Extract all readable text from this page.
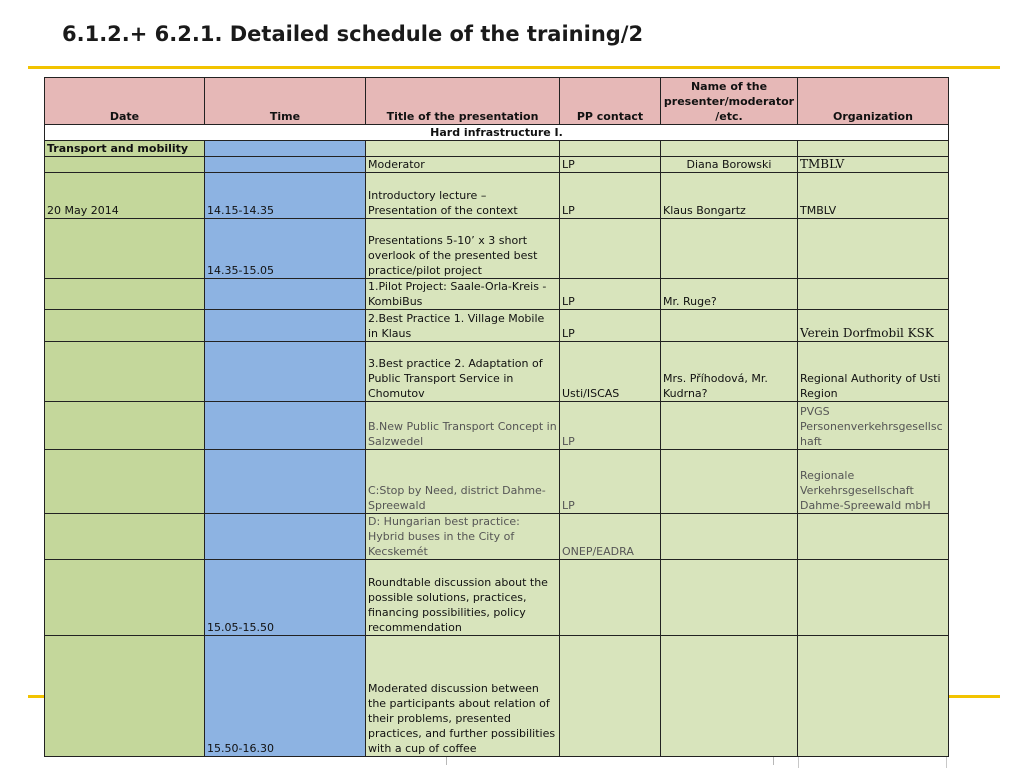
6.1.2.+ 6.2.1. Detailed schedule of the training/2
Date	Time	Title of the presentation	PP contact	Name of the presenter/moderator/etc.	Organization
Hard infrastructure I.					
Transport and mobility					
		Moderator	LP	Diana Borowski	TMBLV
20 May 2014	14.15-14.35	Introductory lecture – Presentation of the context	LP	Klaus Bongartz	TMBLV
	14.35-15.05	Presentations 5-10’ x 3 short overlook of the presented best practice/pilot project			
		1.Pilot Project: Saale-Orla-Kreis - KombiBus	LP	Mr. Ruge?	
		2.Best Practice 1. Village Mobile in Klaus	LP		Verein Dorfmobil KSK
		3.Best practice 2. Adaptation of Public Transport Service in Chomutov	Usti/ISCAS	Mrs. Příhodová, Mr. Kudrna?	Regional Authority of Usti Region
		B.New Public Transport Concept in Salzwedel	LP		PVGS Personenverkehrsgesellschaft
		C:Stop by Need, district Dahme-Spreewald	LP		Regionale Verkehrsgesellschaft Dahme-Spreewald mbH
		D: Hungarian best practice: Hybrid buses in the City of Kecskemét	ONEP/EADRA		
	15.05-15.50	Roundtable discussion about the possible solutions, practices, financing possibilities, policy recommendation			
	15.50-16.30	Moderated discussion between the participants about relation of their problems, presented practices, and further possibilities with a cup of coffee			
